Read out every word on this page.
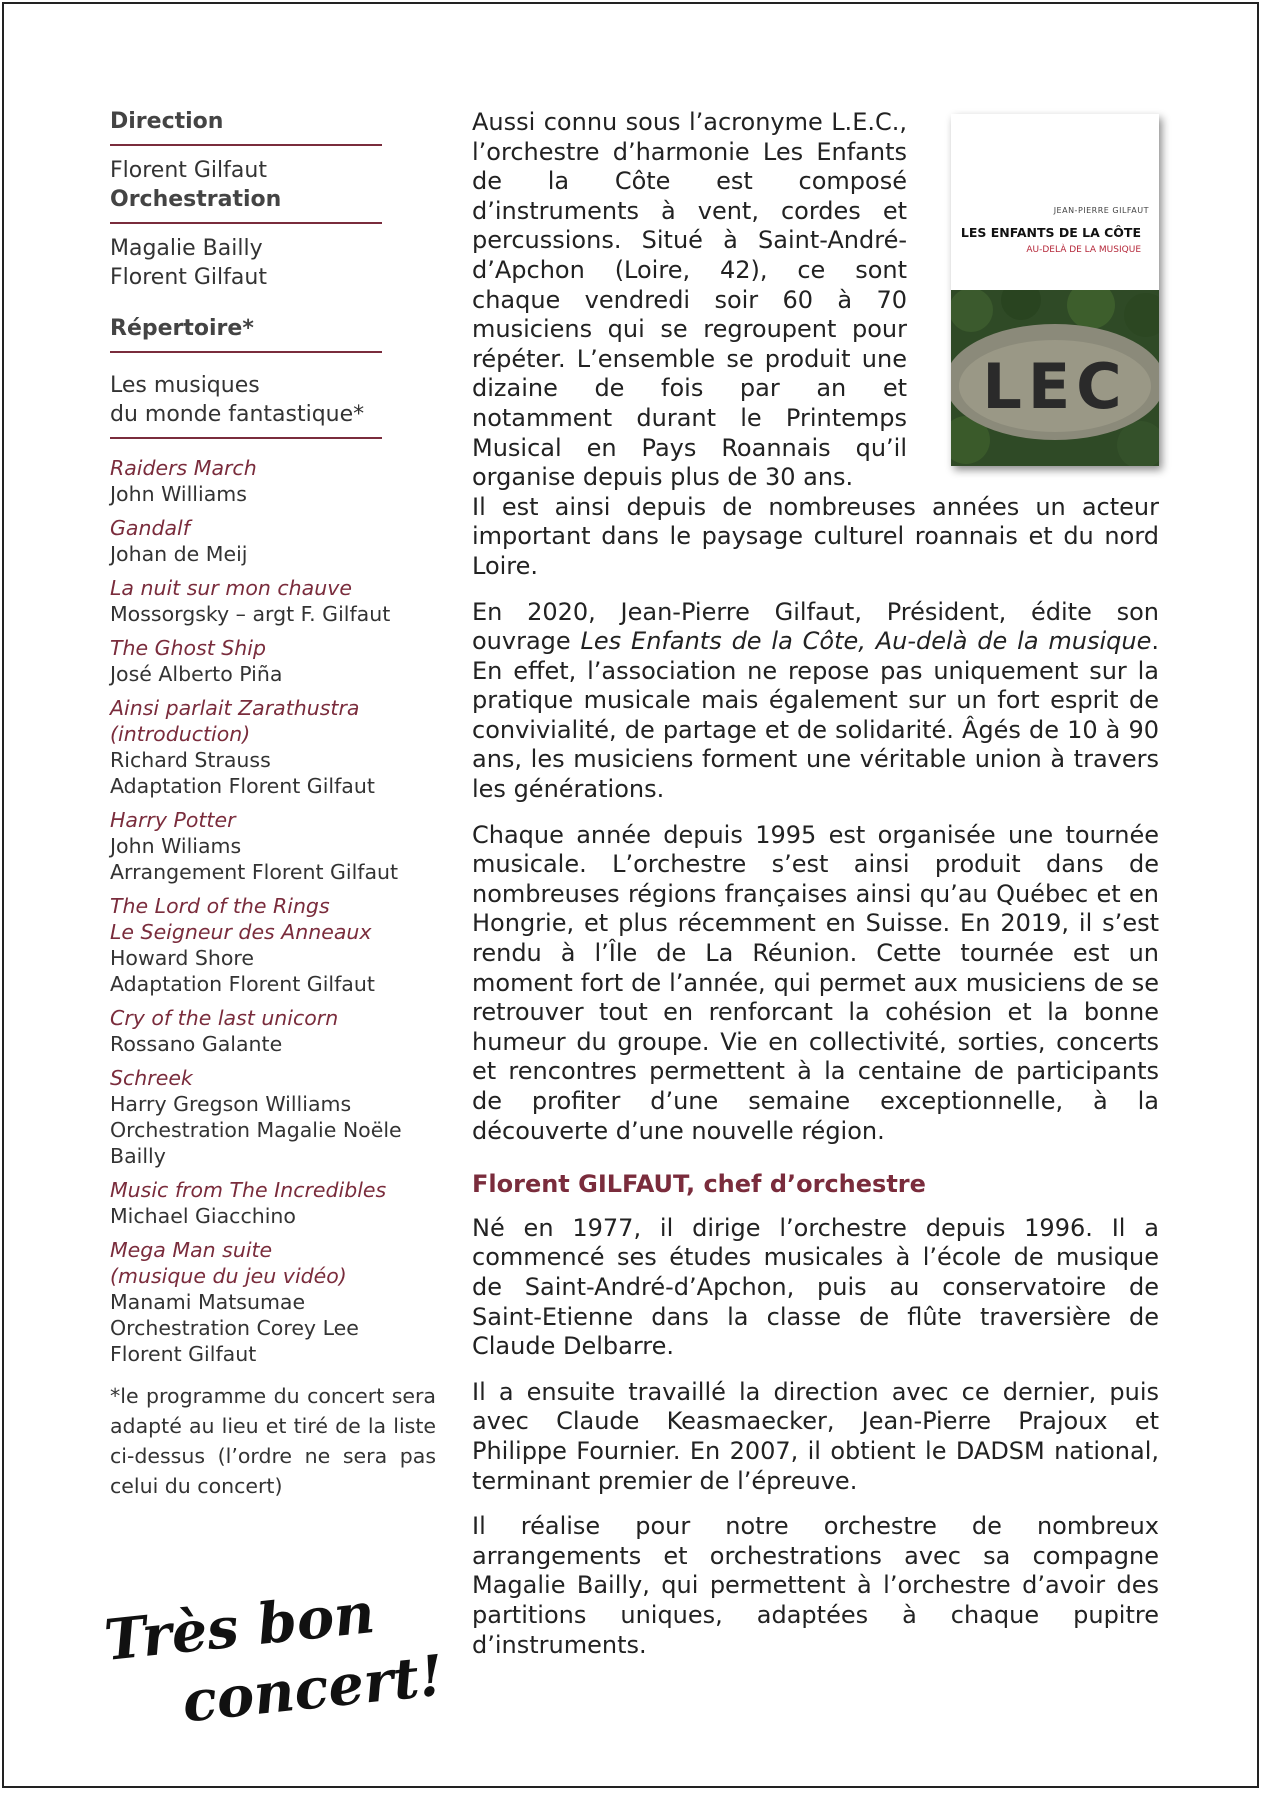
Direction
Florent Gilfaut
Orchestration
Magalie Bailly
Florent Gilfaut
Répertoire*
Les musiques
du monde fantastique*
Raiders March
John Williams
Gandalf
Johan de Meij
La nuit sur mon chauve
Mossorgsky – argt F. Gilfaut
The Ghost Ship
José Alberto Piña
Ainsi parlait Zarathustra
(introduction)
Richard Strauss
Adaptation Florent Gilfaut
Harry Potter
John Wiliams
Arrangement Florent Gilfaut
The Lord of the Rings
Le Seigneur des Anneaux
Howard Shore
Adaptation Florent Gilfaut
Cry of the last unicorn
Rossano Galante
Schreek
Harry Gregson Williams
Orchestration Magalie Noële Bailly
Music from The Incredibles
Michael Giacchino
Mega Man suite
(musique du jeu vidéo)
Manami Matsumae
Orchestration Corey Lee
Florent Gilfaut
*le programme du concert sera adapté au lieu et tiré de la liste ci-dessus (l’ordre ne sera pas celui du concert)
Très bon
concert!
JEAN-PIERRE GILFAUT
LES ENFANTS DE LA CÔTE
AU-DELÀ DE LA MUSIQUE
LEC

Aussi connu sous l’acronyme L.E.C., l’orchestre d’harmonie Les Enfants de la Côte est composé d’instruments à vent, cordes et percussions. Situé à Saint-André-d’Apchon (Loire, 42), ce sont chaque vendredi soir 60 à 70 musiciens qui se regroupent pour répéter. L’ensemble se produit une dizaine de fois par an et notamment durant le Printemps Musical en Pays Roannais qu’il organise depuis plus de 30 ans.

Il est ainsi depuis de nombreuses années un acteur important dans le paysage culturel roannais et du nord Loire.

En 2020, Jean-Pierre Gilfaut, Président, édite son ouvrage Les Enfants de la Côte, Au-delà de la musique. En effet, l’association ne repose pas uniquement sur la pratique musicale mais également sur un fort esprit de convivialité, de partage et de solidarité. Âgés de 10 à 90 ans, les musiciens forment une véritable union à travers les générations.

Chaque année depuis 1995 est organisée une tournée musicale. L’orchestre s’est ainsi produit dans de nombreuses régions françaises ainsi qu’au Québec et en Hongrie, et plus récemment en Suisse. En 2019, il s’est rendu à l’Île de La Réunion. Cette tournée est un moment fort de l’année, qui permet aux musiciens de se retrouver tout en renforcant la cohésion et la bonne humeur du groupe. Vie en collectivité, sorties, concerts et rencontres permettent à la centaine de participants de profiter d’une semaine exceptionnelle, à la découverte d’une nouvelle région.

Florent GILFAUT, chef d’orchestre

Né en 1977, il dirige l’orchestre depuis 1996. Il a commencé ses études musicales à l’école de musique de Saint-André-d’Apchon, puis au conservatoire de Saint-Etienne dans la classe de flûte traversière de Claude Delbarre.

Il a ensuite travaillé la direction avec ce dernier, puis avec Claude Keasmaecker, Jean-Pierre Prajoux et Philippe Fournier. En 2007, il obtient le DADSM national, terminant premier de l’épreuve.

Il réalise pour notre orchestre de nombreux arrangements et orchestrations avec sa compagne Magalie Bailly, qui permettent à l’orchestre d’avoir des partitions uniques, adaptées à chaque pupitre d’instruments.
